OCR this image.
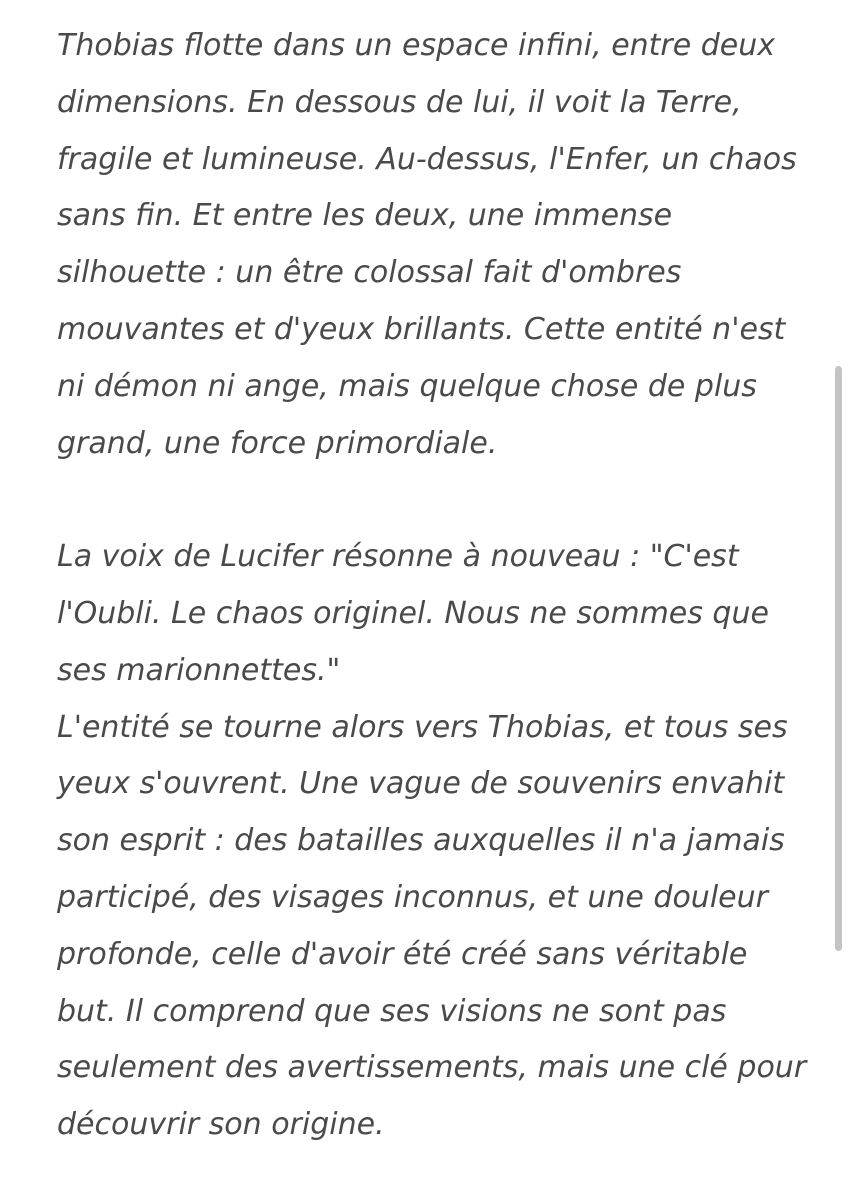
Thobias flotte dans un espace infini, entre deux
dimensions. En dessous de lui, il voit la Terre,
fragile et lumineuse. Au-dessus, l'Enfer, un chaos
sans fin. Et entre les deux, une immense
silhouette : un être colossal fait d'ombres
mouvantes et d'yeux brillants. Cette entité n'est
ni démon ni ange, mais quelque chose de plus
grand, une force primordiale.

La voix de Lucifer résonne à nouveau : "C'est
l'Oubli. Le chaos originel. Nous ne sommes que
ses marionnettes."

L'entité se tourne alors vers Thobias, et tous ses
yeux s'ouvrent. Une vague de souvenirs envahit
son esprit : des batailles auxquelles il n'a jamais
participé, des visages inconnus, et une douleur
profonde, celle d'avoir été créé sans véritable
but. Il comprend que ses visions ne sont pas
seulement des avertissements, mais une clé pour
découvrir son origine.
